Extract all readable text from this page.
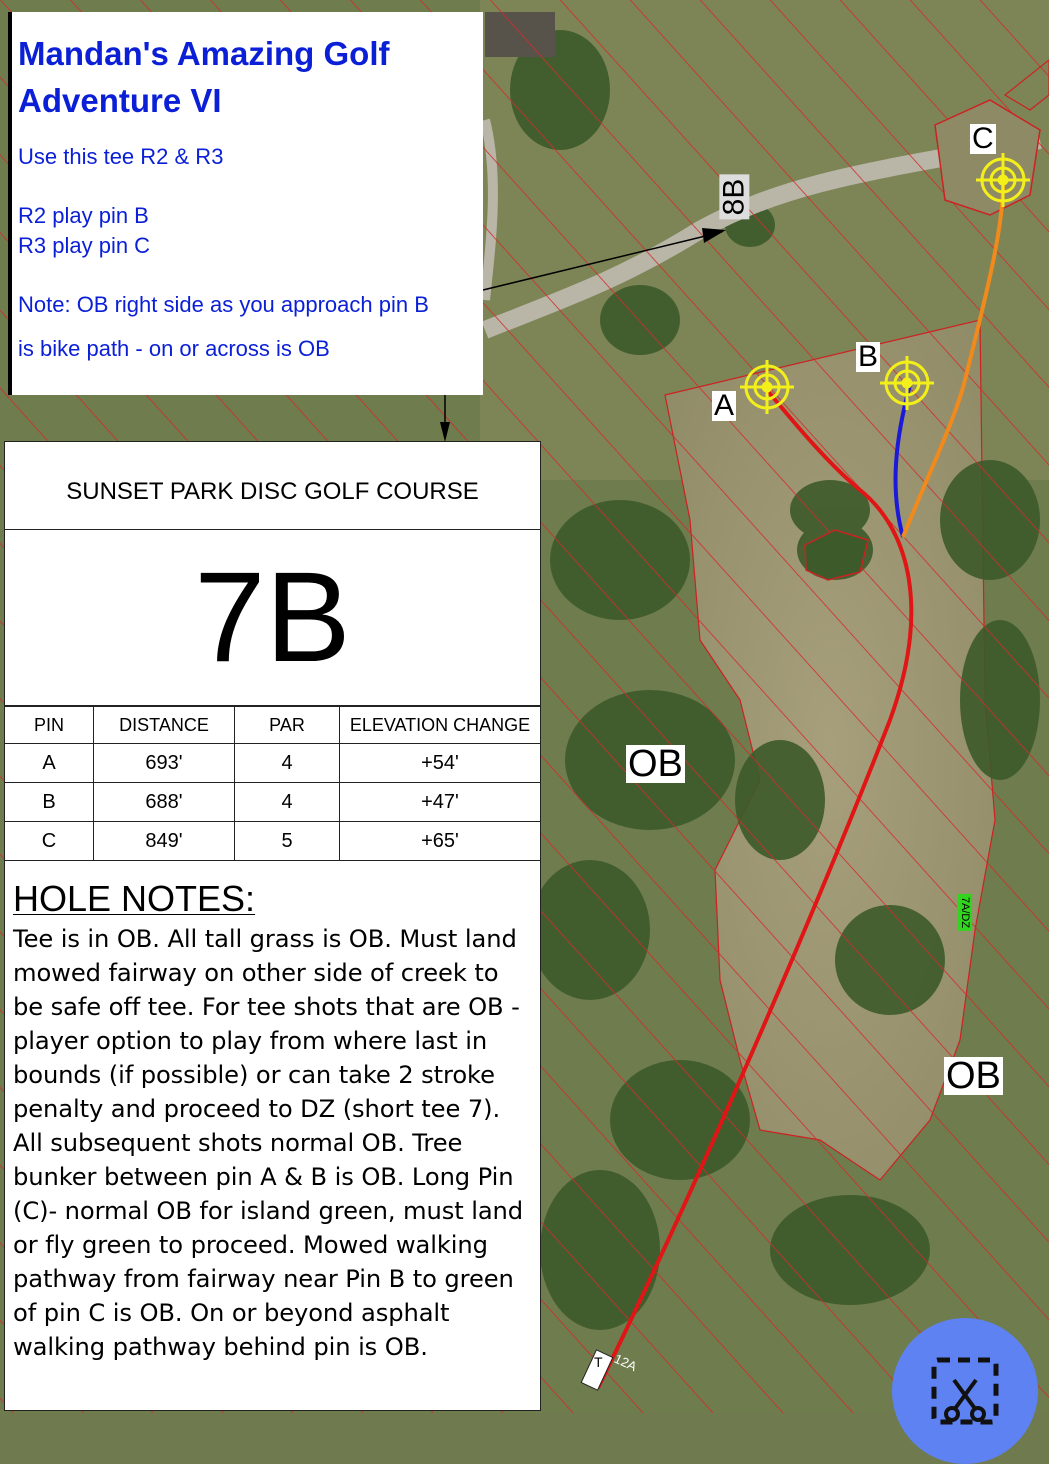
8B
A
B
C
OB
OB
7A/DZ
T 12A
Mandan's Amazing Golf
Adventure VI
Use this tee R2 & R3
R2 play pin B
R3 play pin C
Note: OB right side as you approach pin B
is bike path - on or across is OB
SUNSET PARK DISC GOLF COURSE
7B
PIN	DISTANCE	PAR	ELEVATION CHANGE
A	693'	4	+54'
B	688'	4	+47'
C	849'	5	+65'
HOLE NOTES:
Tee is in OB. All tall grass is OB. Must land mowed fairway on other side of creek to be safe off tee. For tee shots that are OB - player option to play from where last in bounds (if possible) or can take 2 stroke penalty and proceed to DZ (short tee 7). All subsequent shots normal OB. Tree bunker between pin A & B is OB. Long Pin (C)- normal OB for island green, must land or fly green to proceed. Mowed walking pathway from fairway near Pin B to green of pin C is OB. On or beyond asphalt walking pathway behind pin is OB.
